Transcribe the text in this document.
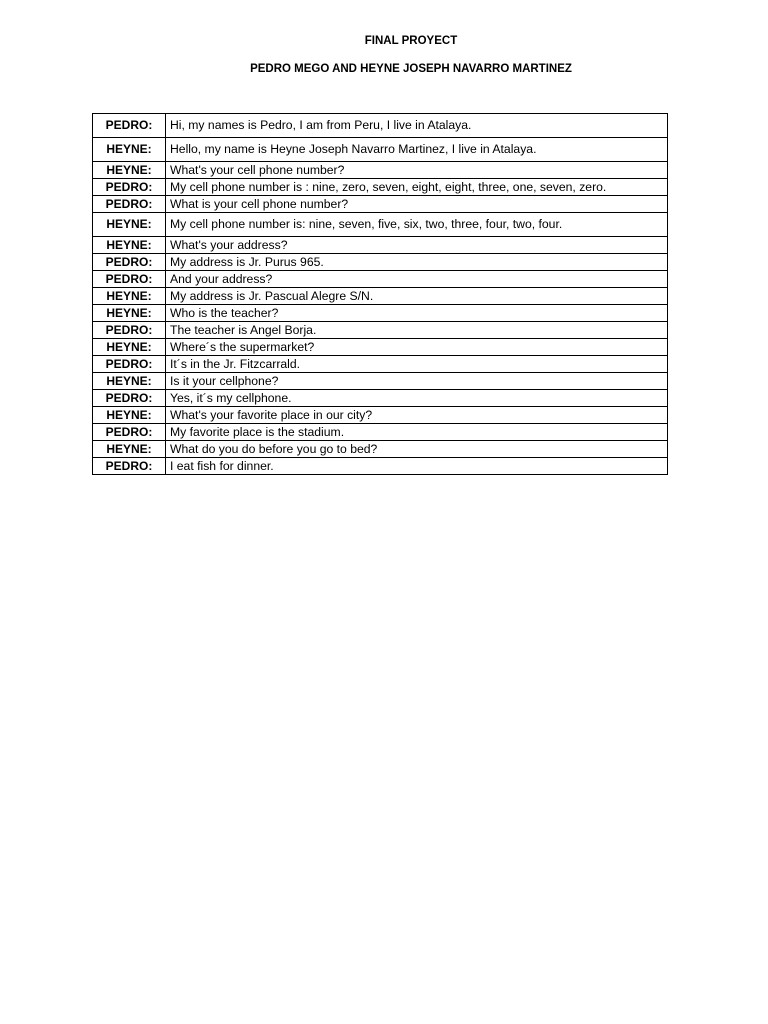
FINAL PROYECT
PEDRO MEGO AND HEYNE JOSEPH NAVARRO MARTINEZ
PEDRO:	Hi, my names is Pedro, I am from Peru, I live in Atalaya.
HEYNE:	Hello, my name is Heyne Joseph Navarro Martinez, I live in Atalaya.
HEYNE:	What's your cell phone number?
PEDRO:	My cell phone number is : nine, zero, seven, eight, eight, three, one, seven, zero.
PEDRO:	What is your cell phone number?
HEYNE:	My cell phone number is: nine, seven, five, six, two, three, four, two, four.
HEYNE:	What's your address?
PEDRO:	My address is Jr. Purus 965.
PEDRO:	And your address?
HEYNE:	My address is Jr. Pascual Alegre S/N.
HEYNE:	Who is the teacher?
PEDRO:	The teacher is Angel Borja.
HEYNE:	Where´s the supermarket?
PEDRO:	It´s in the Jr. Fitzcarrald.
HEYNE:	Is it your cellphone?
PEDRO:	Yes, it´s my cellphone.
HEYNE:	What's your favorite place in our city?
PEDRO:	My favorite place is the stadium.
HEYNE:	What do you do before you go to bed?
PEDRO:	I eat fish for dinner.
